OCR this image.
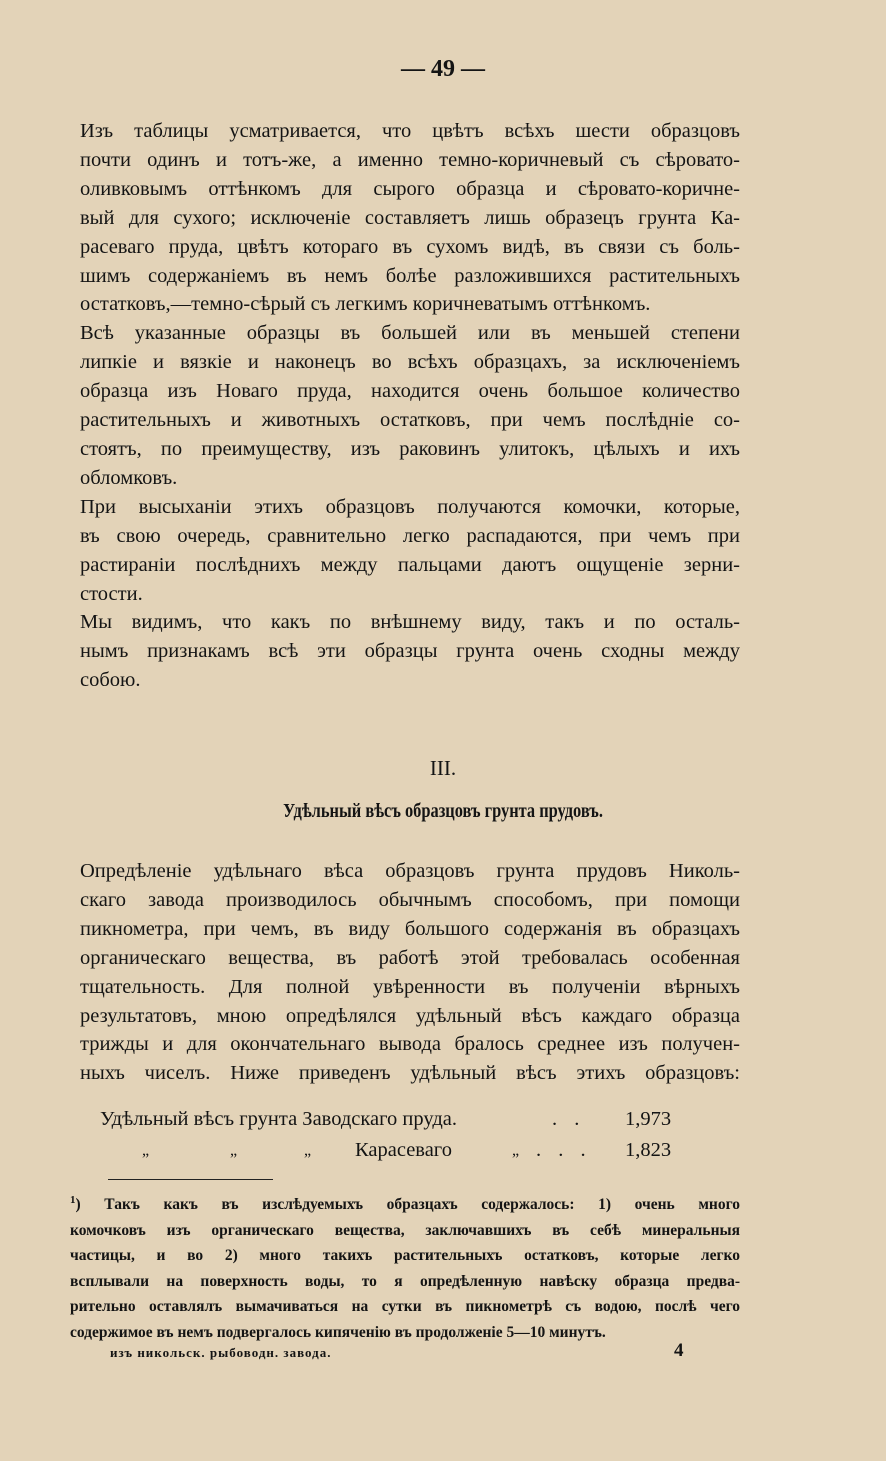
— 49 —

Изъ таблицы усматривается, что цвѣтъ всѣхъ шести образцовъ
почти одинъ и тотъ-же, а именно темно-коричневый съ сѣровато-
оливковымъ оттѣнкомъ для сырого образца и сѣровато-коричне-
вый для сухого; исключеніе составляетъ лишь образецъ грунта Ка-
расеваго пруда, цвѣтъ котораго въ сухомъ видѣ, въ связи съ боль-
шимъ содержаніемъ въ немъ болѣе разложившихся растительныхъ
остатковъ,—темно-сѣрый съ легкимъ коричневатымъ оттѣнкомъ.

Всѣ указанные образцы въ большей или въ меньшей степени
липкіе и вязкіе и наконецъ во всѣхъ образцахъ, за исключеніемъ
образца изъ Новаго пруда, находится очень большое количество
растительныхъ и животныхъ остатковъ, при чемъ послѣдніе со-
стоятъ, по преимуществу, изъ раковинъ улитокъ, цѣлыхъ и ихъ
обломковъ.

При высыханіи этихъ образцовъ получаются комочки, которые,
въ свою очередь, сравнительно легко распадаются, при чемъ при
растираніи послѣднихъ между пальцами даютъ ощущеніе зерни-
стости.

Мы видимъ, что какъ по внѣшнему виду, такъ и по осталь-
нымъ признакамъ всѣ эти образцы грунта очень сходны между
собою.

III.
Удѣльный вѣсъ образцовъ грунта прудовъ.

Опредѣленіе удѣльнаго вѣса образцовъ грунта прудовъ Николь-
скаго завода производилось обычнымъ способомъ, при помощи
пикнометра, при чемъ, въ виду большого содержанія въ образцахъ
органическаго вещества, въ работѣ этой требовалась особенная
тщательность. Для полной увѣренности въ полученіи вѣрныхъ
результатовъ, мною опредѣлялся удѣльный вѣсъ каждаго образца
трижды и для окончательнаго вывода бралось среднее изъ получен-
ныхъ чиселъ. Ниже приведенъ удѣльный вѣсъ этихъ образцовъ:

Удѣльный вѣсъ грунта Заводскаго пруда.	. . 1,973
„	„	„ Карасеваго	„ . . . 1,823
$^1$) Такъ какъ въ изслѣдуемыхъ образцахъ содержалось: 1) очень много
комочковъ изъ органическаго вещества, заключавшихъ въ себѣ минеральныя
частицы, и во 2) много такихъ растительныхъ остатковъ, которые легко
всплывали на поверхность воды, то я опредѣленную навѣску образца предва-
рительно оставлялъ вымачиваться на сутки въ пикнометрѣ съ водою, послѣ чего
содержимое въ немъ подвергалось кипяченію въ продолженіе 5—10 минутъ.
изъ никольск. рыбоводн. завода.	4
